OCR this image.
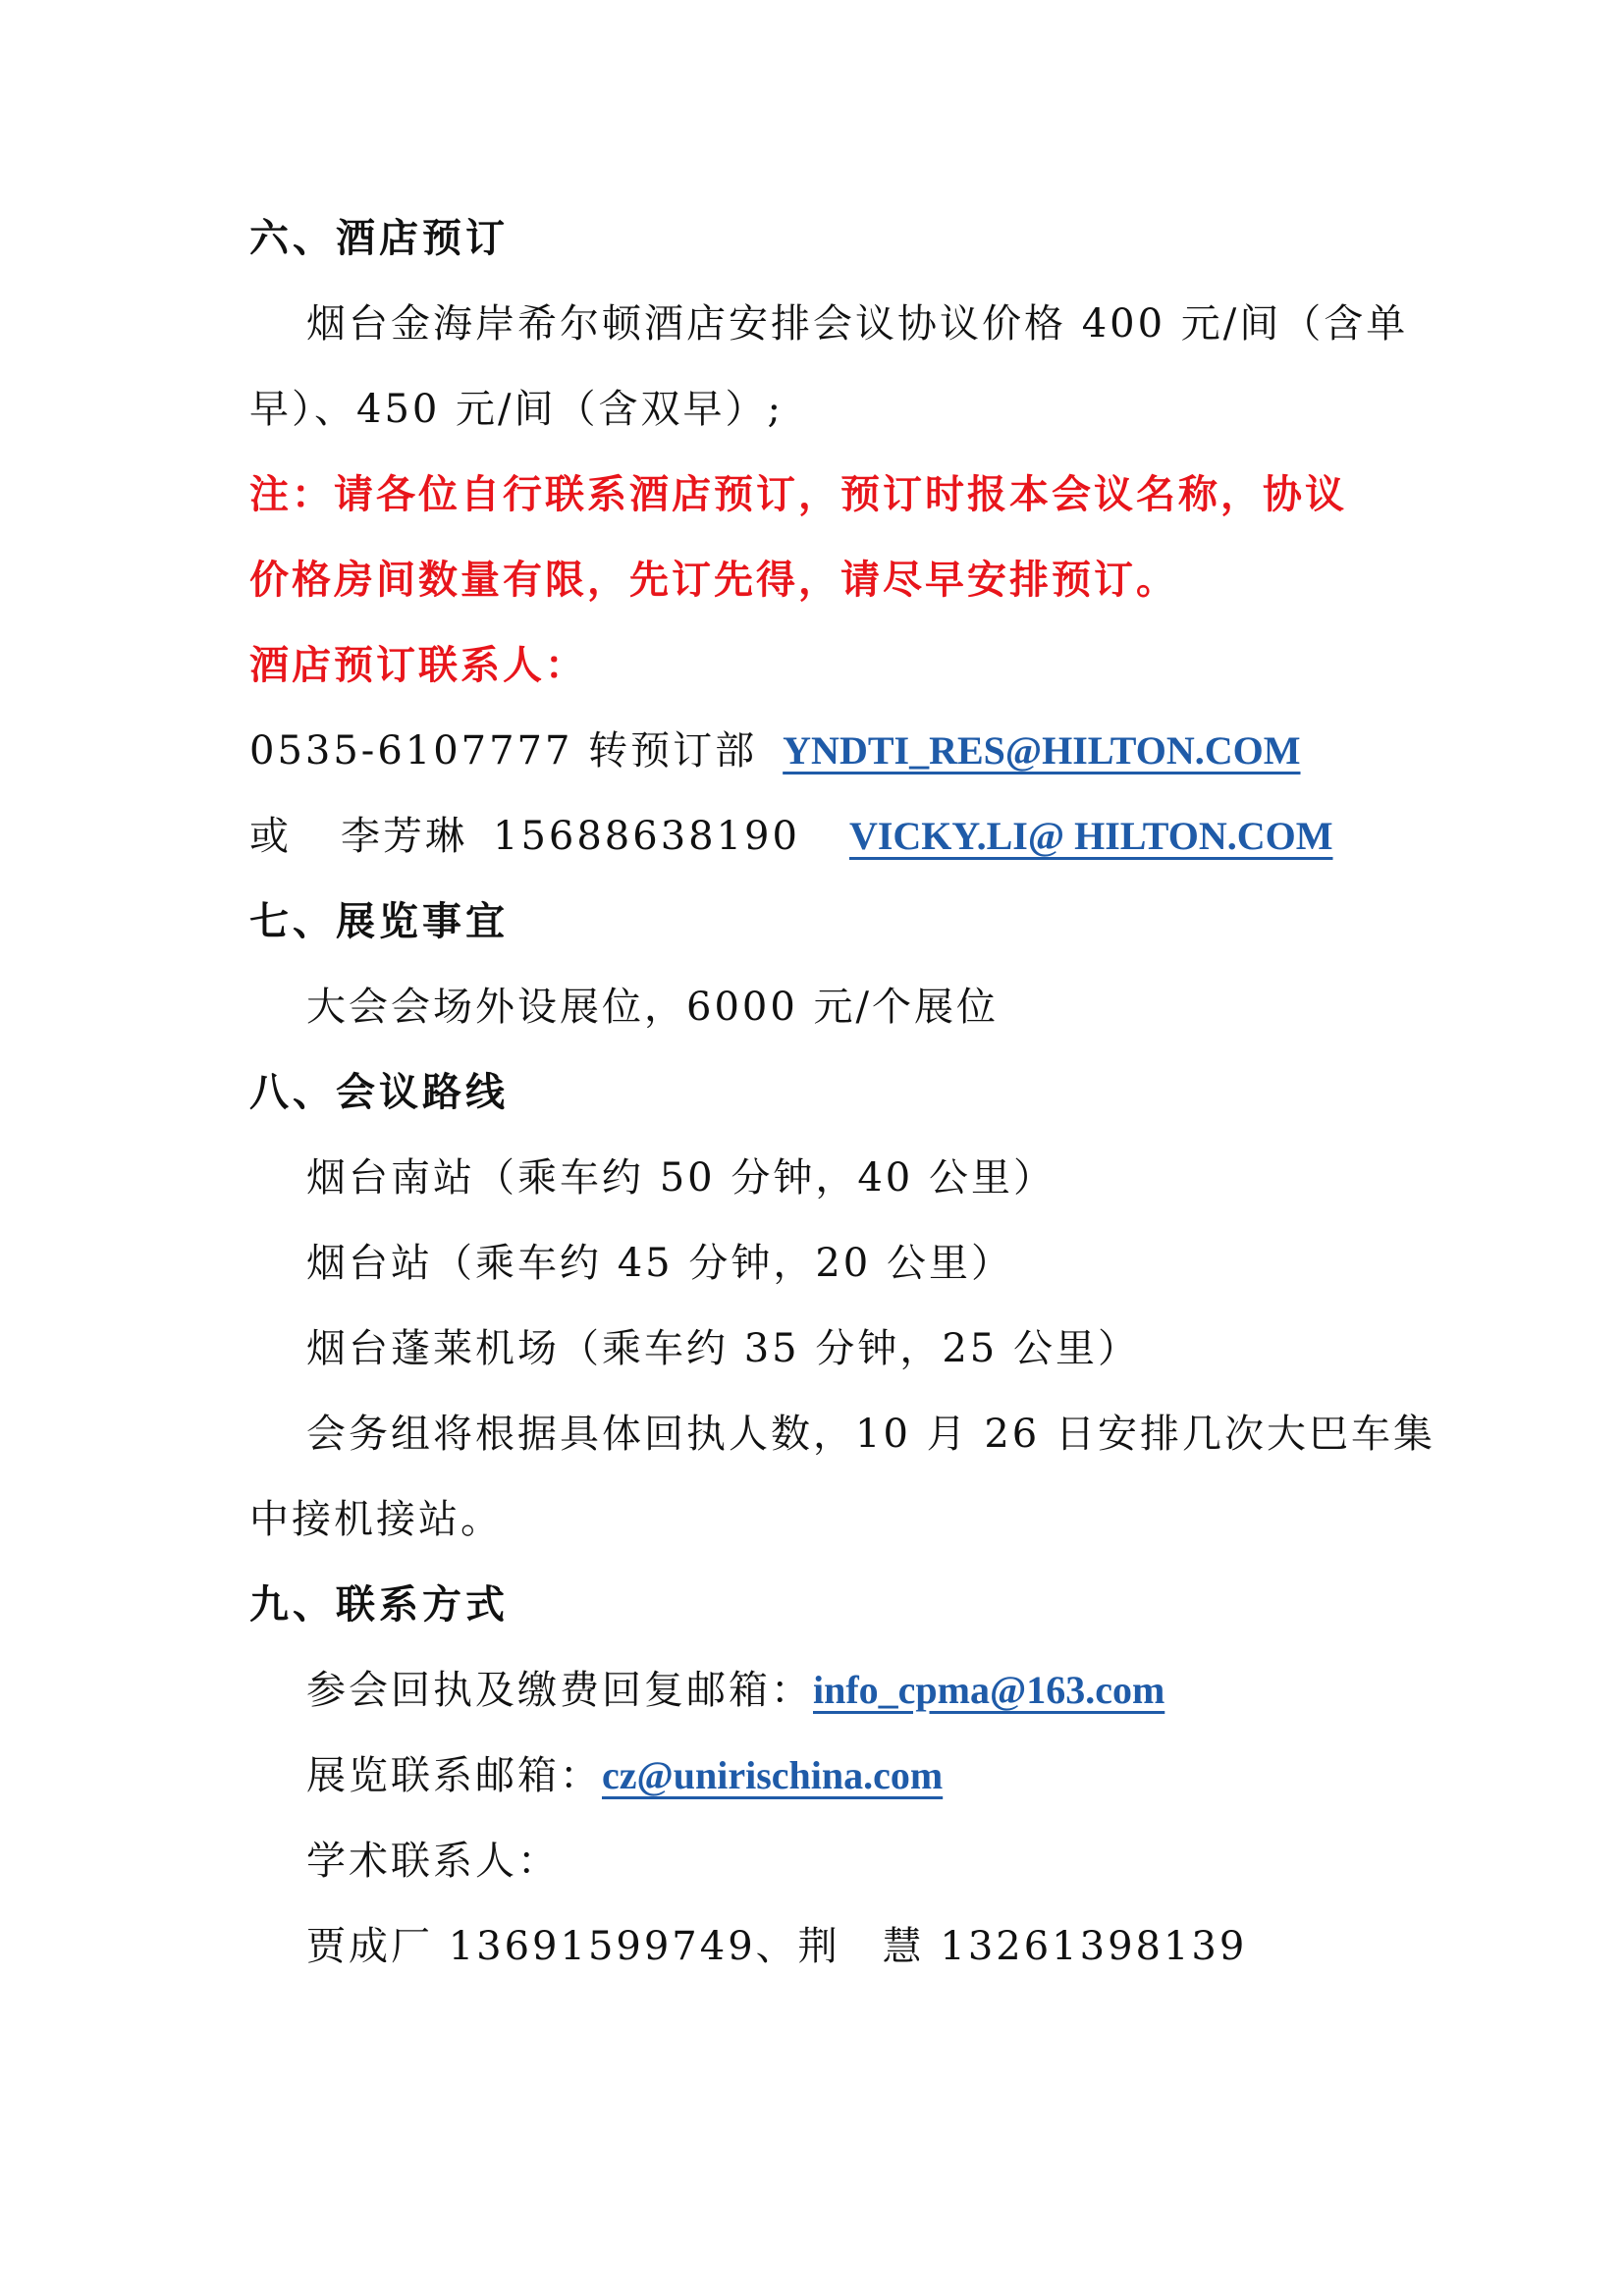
六、酒店预订
烟台金海岸希尔顿酒店安排会议协议价格 400 元/间（含单
早）、450 元/间（含双早）;
注：请各位自行联系酒店预订，预订时报本会议名称，协议
价格房间数量有限，先订先得，请尽早安排预订。
酒店预订联系人：
0535-6107777 转预订部 YNDTI_RES@HILTON.COM
或 李芳琳 15688638190 VICKY.LI@ HILTON.COM
七、展览事宜
大会会场外设展位，6000 元/个展位
八、会议路线
烟台南站（乘车约 50 分钟，40 公里）
烟台站（乘车约 45 分钟，20 公里）
烟台蓬莱机场（乘车约 35 分钟，25 公里）
会务组将根据具体回执人数，10 月 26 日安排几次大巴车集
中接机接站。
九、联系方式
参会回执及缴费回复邮箱：info_cpma@163.com
展览联系邮箱：cz@unirischina.com
学术联系人：
贾成厂 13691599749、荆　慧 13261398139
